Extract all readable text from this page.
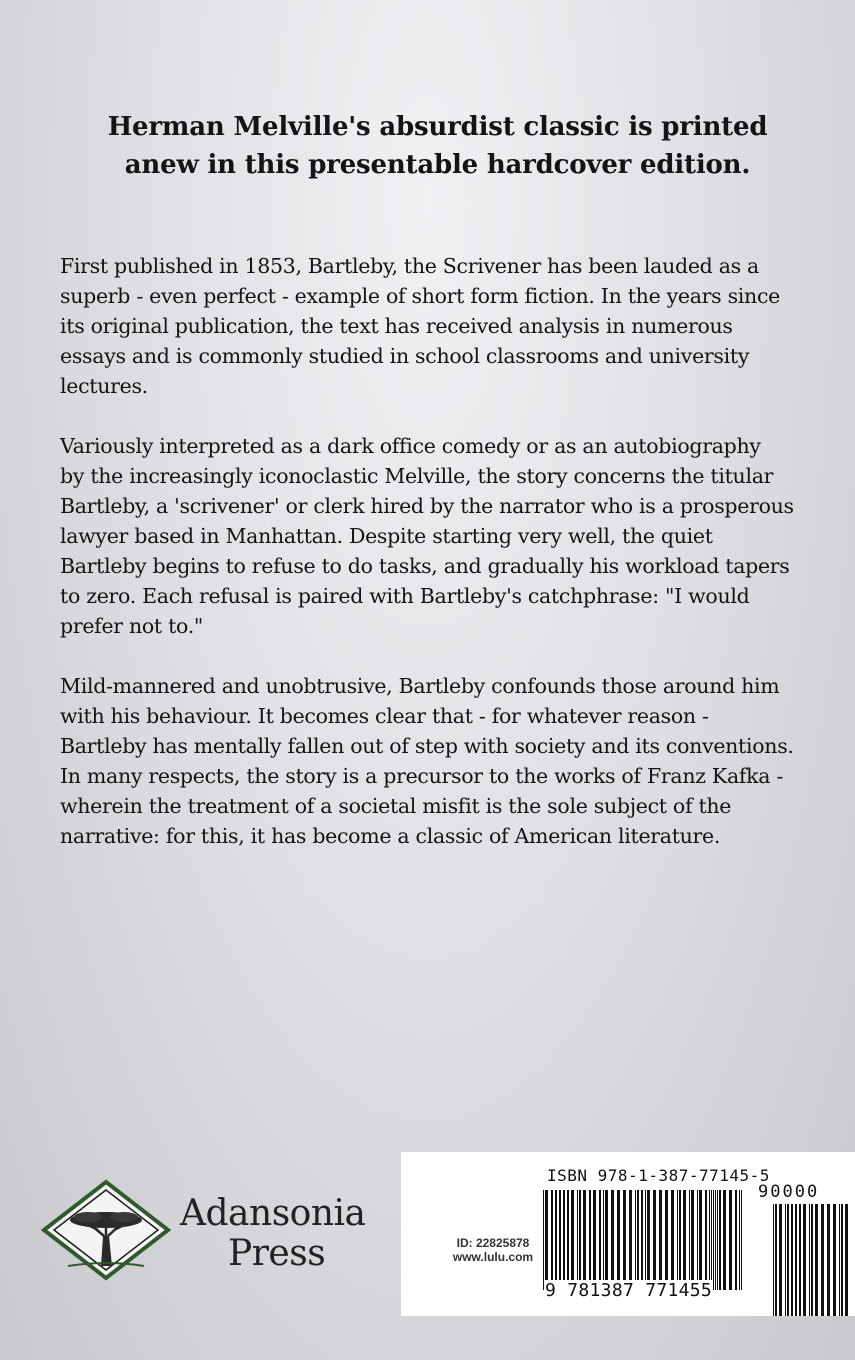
Herman Melville's absurdist classic is printed
anew in this presentable hardcover edition.
First published in 1853, Bartleby, the Scrivener has been lauded as a
superb - even perfect - example of short form fiction. In the years since
its original publication, the text has received analysis in numerous
essays and is commonly studied in school classrooms and university
lectures.
Variously interpreted as a dark office comedy or as an autobiography
by the increasingly iconoclastic Melville, the story concerns the titular
Bartleby, a 'scrivener' or clerk hired by the narrator who is a prosperous
lawyer based in Manhattan. Despite starting very well, the quiet
Bartleby begins to refuse to do tasks, and gradually his workload tapers
to zero. Each refusal is paired with Bartleby's catchphrase: "I would
prefer not to."
Mild-mannered and unobtrusive, Bartleby confounds those around him
with his behaviour. It becomes clear that - for whatever reason -
Bartleby has mentally fallen out of step with society and its conventions.
In many respects, the story is a precursor to the works of Franz Kafka -
wherein the treatment of a societal misfit is the sole subject of the
narrative: for this, it has become a classic of American literature.
Adansonia
Press
ISBN 978-1-387-77145-5
90000
ID: 22825878
www.lulu.com
9 781387 771455
